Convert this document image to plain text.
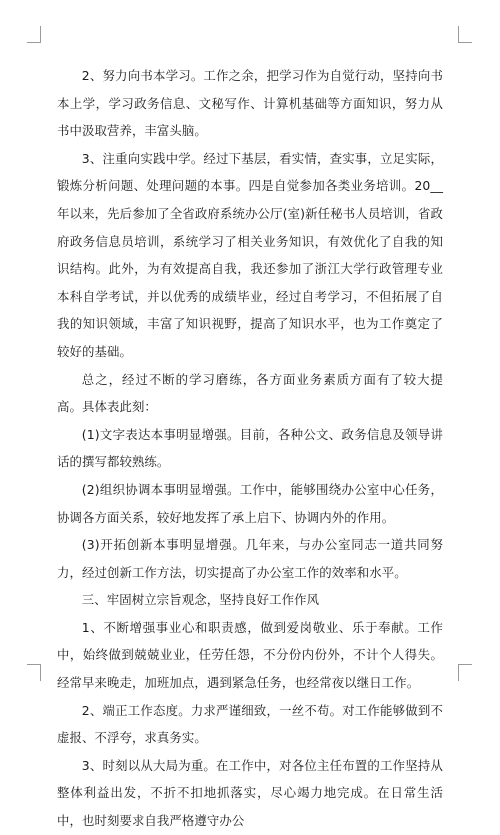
2、努力向书本学习。工作之余，把学习作为自觉行动，坚持向书本上学，学习政务信息、文秘写作、计算机基础等方面知识，努力从书中汲取营养，丰富头脑。

3、注重向实践中学。经过下基层，看实情，查实事，立足实际，锻炼分析问题、处理问题的本事。四是自觉参加各类业务培训。20__年以来，先后参加了全省政府系统办公厅(室)新任秘书人员培训，省政府政务信息员培训，系统学习了相关业务知识，有效优化了自我的知识结构。此外，为有效提高自我，我还参加了浙江大学行政管理专业本科自学考试，并以优秀的成绩毕业，经过自考学习，不但拓展了自我的知识领域，丰富了知识视野，提高了知识水平，也为工作奠定了较好的基础。

总之，经过不断的学习磨练，各方面业务素质方面有了较大提高。具体表此刻：

(1)文字表达本事明显增强。目前，各种公文、政务信息及领导讲话的撰写都较熟练。

(2)组织协调本事明显增强。工作中，能够围绕办公室中心任务，协调各方面关系，较好地发挥了承上启下、协调内外的作用。

(3)开拓创新本事明显增强。几年来，与办公室同志一道共同努力，经过创新工作方法，切实提高了办公室工作的效率和水平。

三、牢固树立宗旨观念，坚持良好工作作风

1、不断增强事业心和职责感，做到爱岗敬业、乐于奉献。工作中，始终做到兢兢业业，任劳任怨，不分份内份外，不计个人得失。经常早来晚走，加班加点，遇到紧急任务，也经常夜以继日工作。

2、端正工作态度。力求严谨细致，一丝不苟。对工作能够做到不虚报、不浮夸，求真务实。

3、时刻以从大局为重。在工作中，对各位主任布置的工作坚持从整体利益出发，不折不扣地抓落实，尽心竭力地完成。在日常生活中，也时刻要求自我严格遵守办公
